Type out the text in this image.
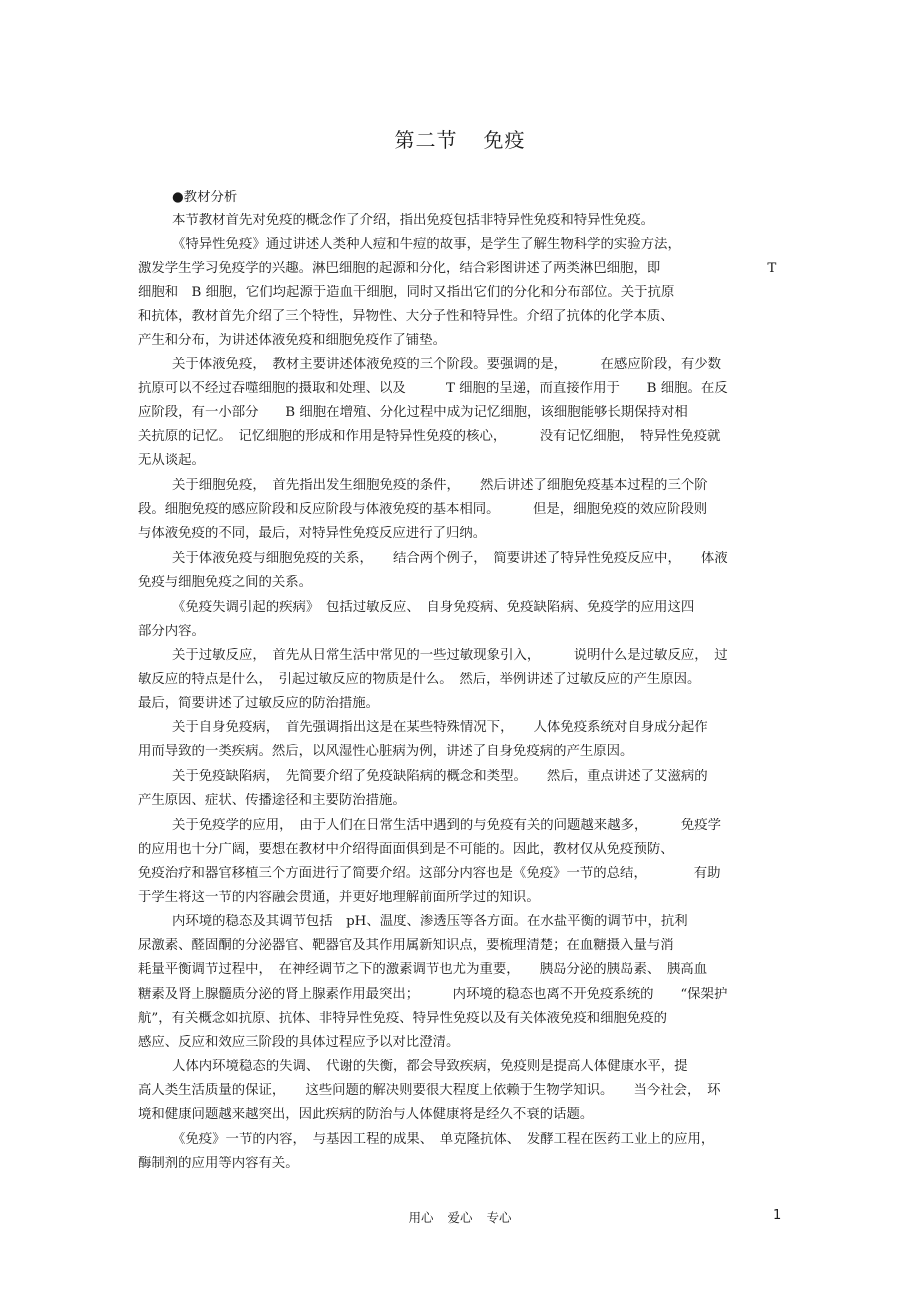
第二节 免疫
●教材分析
本节教材首先对免疫的概念作了介绍，指出免疫包括非特异性免疫和特异性免疫。
《特异性免疫》通过讲述人类种人痘和牛痘的故事，是学生了解生物科学的实验方法，
激发学生学习免疫学的兴趣。淋巴细胞的起源和分化，结合彩图讲述了两类淋巴细胞，即　　　　　　　　T
细胞和　B 细胞，它们均起源于造血干细胞，同时又指出它们的分化和分布部位。关于抗原
和抗体，教材首先介绍了三个特性，异物性、大分子性和特异性。介绍了抗体的化学本质、
产生和分布，为讲述体液免疫和细胞免疫作了铺垫。
关于体液免疫，　教材主要讲述体液免疫的三个阶段。要强调的是，　　　在感应阶段，有少数
抗原可以不经过吞噬细胞的摄取和处理、以及　　　T 细胞的呈递，而直接作用于　　B 细胞。在反
应阶段，有一小部分　　B 细胞在增殖、分化过程中成为记忆细胞，该细胞能够长期保持对相
关抗原的记忆。　记忆细胞的形成和作用是特异性免疫的核心，　　　没有记忆细胞，　特异性免疫就
无从谈起。
关于细胞免疫，　首先指出发生细胞免疫的条件，　　然后讲述了细胞免疫基本过程的三个阶
段。细胞免疫的感应阶段和反应阶段与体液免疫的基本相同。　　　但是，细胞免疫的效应阶段则
与体液免疫的不同，最后，对特异性免疫反应进行了归纳。
关于体液免疫与细胞免疫的关系，　　结合两个例子，　简要讲述了特异性免疫反应中，　　体液
免疫与细胞免疫之间的关系。
《免疫失调引起的疾病》　包括过敏反应、　自身免疫病、免疫缺陷病、免疫学的应用这四
部分内容。
关于过敏反应，　首先从日常生活中常见的一些过敏现象引入，　　　说明什么是过敏反应，　过
敏反应的特点是什么，　引起过敏反应的物质是什么。　然后，举例讲述了过敏反应的产生原因。
最后，简要讲述了过敏反应的防治措施。
关于自身免疫病，　首先强调指出这是在某些特殊情况下，　　人体免疫系统对自身成分起作
用而导致的一类疾病。然后，以风湿性心脏病为例，讲述了自身免疫病的产生原因。
关于免疫缺陷病，　先简要介绍了免疫缺陷病的概念和类型。　　然后，重点讲述了艾滋病的
产生原因、症状、传播途径和主要防治措施。
关于免疫学的应用，　由于人们在日常生活中遇到的与免疫有关的问题越来越多，　　　免疫学
的应用也十分广阔，要想在教材中介绍得面面俱到是不可能的。因此，教材仅从免疫预防、
免疫治疗和器官移植三个方面进行了简要介绍。这部分内容也是《免疫》一节的总结，　　　　有助
于学生将这一节的内容融会贯通，并更好地理解前面所学过的知识。
内环境的稳态及其调节包括　pH、温度、渗透压等各方面。在水盐平衡的调节中，抗利
尿激素、醛固酮的分泌器官、靶器官及其作用属新知识点，要梳理清楚；在血糖摄入量与消
耗量平衡调节过程中，　在神经调节之下的激素调节也尤为重要，　　胰岛分泌的胰岛素、　胰高血
糖素及肾上腺髓质分泌的肾上腺素作用最突出；　　　内环境的稳态也离不开免疫系统的　　“保架护
航”，有关概念如抗原、抗体、非特异性免疫、特异性免疫以及有关体液免疫和细胞免疫的
感应、反应和效应三阶段的具体过程应予以对比澄清。
人体内环境稳态的失调、　代谢的失衡，都会导致疾病，免疫则是提高人体健康水平，提
高人类生活质量的保证，　　这些问题的解决则要很大程度上依赖于生物学知识。　　当今社会，　环
境和健康问题越来越突出，因此疾病的防治与人体健康将是经久不衰的话题。
《免疫》一节的内容，　与基因工程的成果、　单克隆抗体、　发酵工程在医药工业上的应用，
酶制剂的应用等内容有关。
用心 爱心 专心	1
